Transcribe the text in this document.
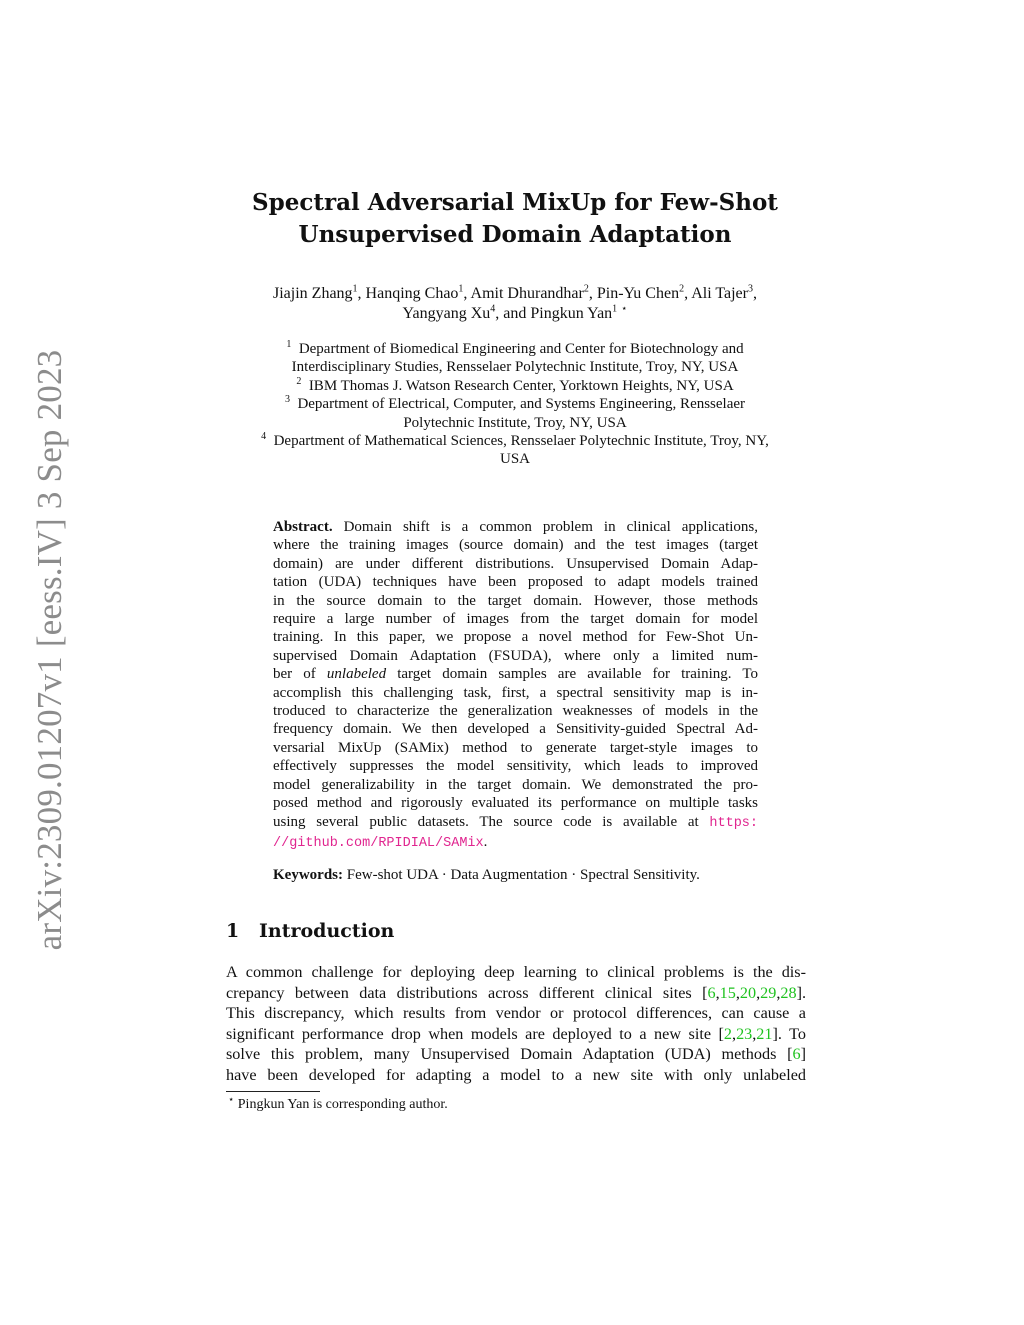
arXiv:2309.01207v1 [eess.IV] 3 Sep 2023
Spectral Adversarial MixUp for Few-Shot
Unsupervised Domain Adaptation
Jiajin Zhang$^1$, Hanqing Chao$^1$, Amit Dhurandhar$^2$, Pin-Yu Chen$^2$, Ali Tajer$^3$,
Yangyang Xu$^4$, and Pingkun Yan$^1$ ⋆
$^1$ Department of Biomedical Engineering and Center for Biotechnology and
Interdisciplinary Studies, Rensselaer Polytechnic Institute, Troy, NY, USA
$^2$ IBM Thomas J. Watson Research Center, Yorktown Heights, NY, USA
$^3$ Department of Electrical, Computer, and Systems Engineering, Rensselaer
Polytechnic Institute, Troy, NY, USA
$^4$ Department of Mathematical Sciences, Rensselaer Polytechnic Institute, Troy, NY,
USA
Abstract. Domain shift is a common problem in clinical applications,
where the training images (source domain) and the test images (target
domain) are under different distributions. Unsupervised Domain Adap-
tation (UDA) techniques have been proposed to adapt models trained
in the source domain to the target domain. However, those methods
require a large number of images from the target domain for model
training. In this paper, we propose a novel method for Few-Shot Un-
supervised Domain Adaptation (FSUDA), where only a limited num-
ber of unlabeled target domain samples are available for training. To
accomplish this challenging task, first, a spectral sensitivity map is in-
troduced to characterize the generalization weaknesses of models in the
frequency domain. We then developed a Sensitivity-guided Spectral Ad-
versarial MixUp (SAMix) method to generate target-style images to
effectively suppresses the model sensitivity, which leads to improved
model generalizability in the target domain. We demonstrated the pro-
posed method and rigorously evaluated its performance on multiple tasks
using several public datasets. The source code is available at https:
//github.com/RPIDIAL/SAMix.
Keywords: Few-shot UDA · Data Augmentation · Spectral Sensitivity.
1 Introduction
A common challenge for deploying deep learning to clinical problems is the dis-
crepancy between data distributions across different clinical sites [6,15,20,29,28].
This discrepancy, which results from vendor or protocol differences, can cause a
significant performance drop when models are deployed to a new site [2,23,21]. To
solve this problem, many Unsupervised Domain Adaptation (UDA) methods [6]
have been developed for adapting a model to a new site with only unlabeled
⋆ Pingkun Yan is corresponding author.
